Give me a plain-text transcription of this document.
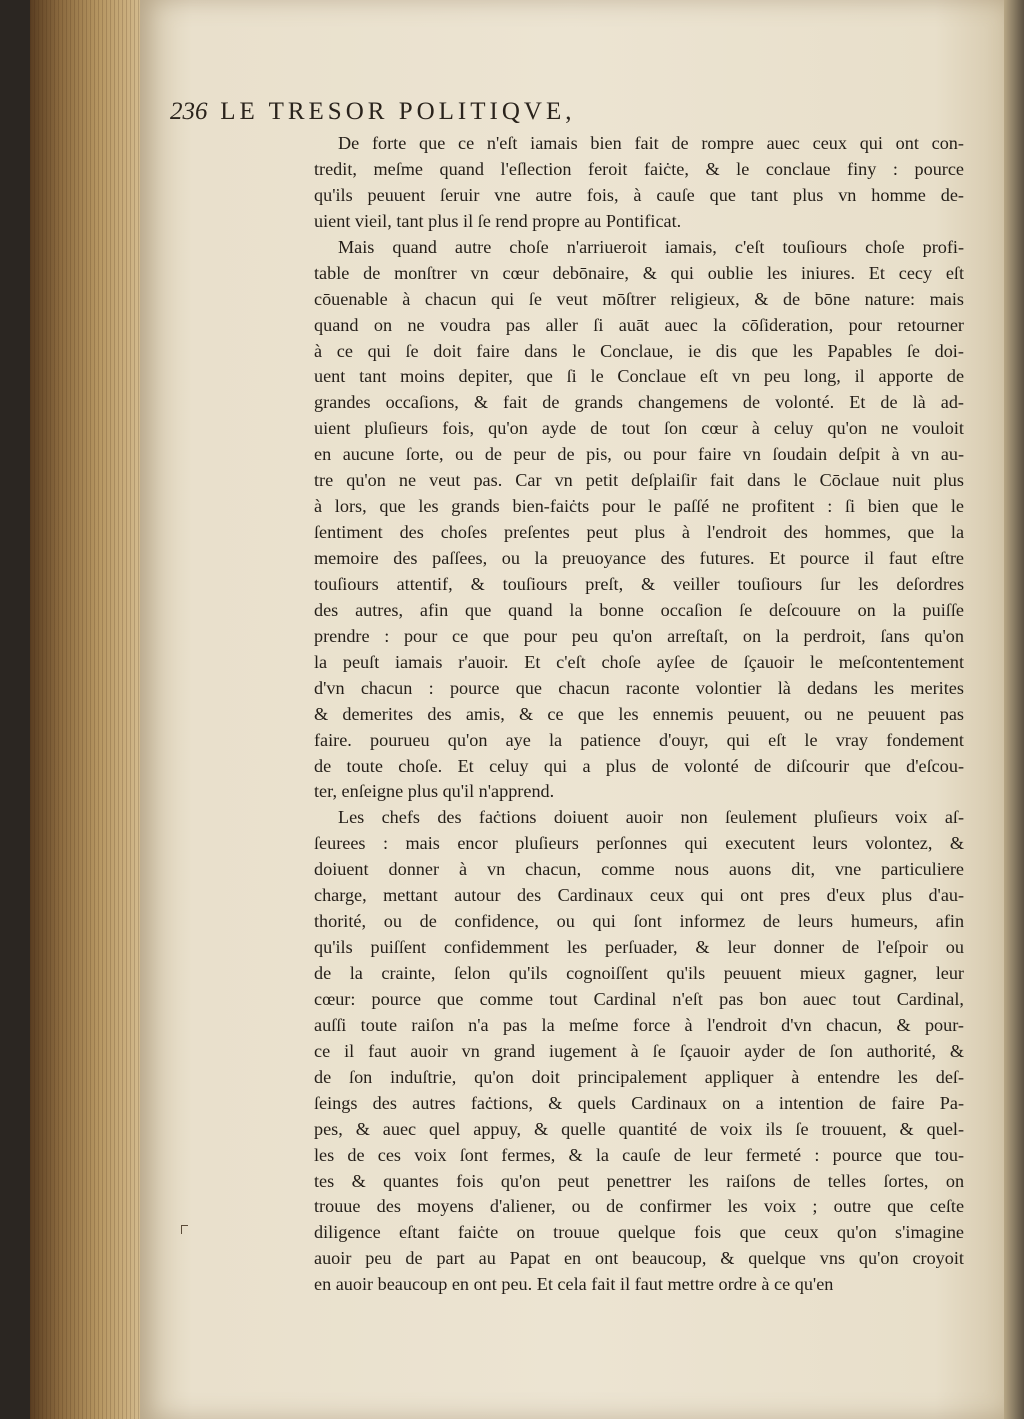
236 LE TRESOR POLITIQVE,
De forte que ce n'eſt iamais bien fait de rompre auec ceux qui ont con-
tredit, meſme quand l'eſlection feroit faiċte, & le conclaue finy : pource
qu'ils peuuent ſeruir vne autre fois, à cauſe que tant plus vn homme de-
uient vieil, tant plus il ſe rend propre au Pontificat.
Mais quand autre choſe n'arriueroit iamais, c'eſt touſiours choſe profi-
table de monſtrer vn cœur debōnaire, & qui oublie les iniures. Et cecy eſt
cōuenable à chacun qui ſe veut mōſtrer religieux, & de bōne nature: mais
quand on ne voudra pas aller ſi auāt auec la cōſideration, pour retourner
à ce qui ſe doit faire dans le Conclaue, ie dis que les Papables ſe doi-
uent tant moins depiter, que ſi le Conclaue eſt vn peu long, il apporte de
grandes occaſions, & fait de grands changemens de volonté. Et de là ad-
uient pluſieurs fois, qu'on ayde de tout ſon cœur à celuy qu'on ne vouloit
en aucune ſorte, ou de peur de pis, ou pour faire vn ſoudain deſpit à vn au-
tre qu'on ne veut pas. Car vn petit deſplaiſir fait dans le Cōclaue nuit plus
à lors, que les grands bien-faiċts pour le paſſé ne profitent : ſi bien que le
ſentiment des choſes preſentes peut plus à l'endroit des hommes, que la
memoire des paſſees, ou la preuoyance des futures. Et pource il faut eſtre
touſiours attentif, & touſiours preſt, & veiller touſiours ſur les deſordres
des autres, afin que quand la bonne occaſion ſe deſcouure on la puiſſe
prendre : pour ce que pour peu qu'on arreſtaſt, on la perdroit, ſans qu'on
la peuſt iamais r'auoir. Et c'eſt choſe ayſee de ſçauoir le meſcontentement
d'vn chacun : pource que chacun raconte volontier là dedans les merites
& demerites des amis, & ce que les ennemis peuuent, ou ne peuuent pas
faire. pourueu qu'on aye la patience d'ouyr, qui eſt le vray fondement
de toute choſe. Et celuy qui a plus de volonté de diſcourir que d'eſcou-
ter, enſeigne plus qu'il n'apprend.
Les chefs des faċtions doiuent auoir non ſeulement pluſieurs voix aſ-
ſeurees : mais encor pluſieurs perſonnes qui executent leurs volontez, &
doiuent donner à vn chacun, comme nous auons dit, vne particuliere
charge, mettant autour des Cardinaux ceux qui ont pres d'eux plus d'au-
thorité, ou de confidence, ou qui ſont informez de leurs humeurs, afin
qu'ils puiſſent confidemment les perſuader, & leur donner de l'eſpoir ou
de la crainte, ſelon qu'ils cognoiſſent qu'ils peuuent mieux gagner, leur
cœur: pource que comme tout Cardinal n'eſt pas bon auec tout Cardinal,
auſſi toute raiſon n'a pas la meſme force à l'endroit d'vn chacun, & pour-
ce il faut auoir vn grand iugement à ſe ſçauoir ayder de ſon authorité, &
de ſon induſtrie, qu'on doit principalement appliquer à entendre les deſ-
ſeings des autres faċtions, & quels Cardinaux on a intention de faire Pa-
pes, & auec quel appuy, & quelle quantité de voix ils ſe trouuent, & quel-
les de ces voix ſont fermes, & la cauſe de leur fermeté : pource que tou-
tes & quantes fois qu'on peut penettrer les raiſons de telles ſortes, on
trouue des moyens d'aliener, ou de confirmer les voix ; outre que ceſte
diligence eſtant faiċte on trouue quelque fois que ceux qu'on s'imagine
auoir peu de part au Papat en ont beaucoup, & quelque vns qu'on croyoit
en auoir beaucoup en ont peu. Et cela fait il faut mettre ordre à ce qu'en
